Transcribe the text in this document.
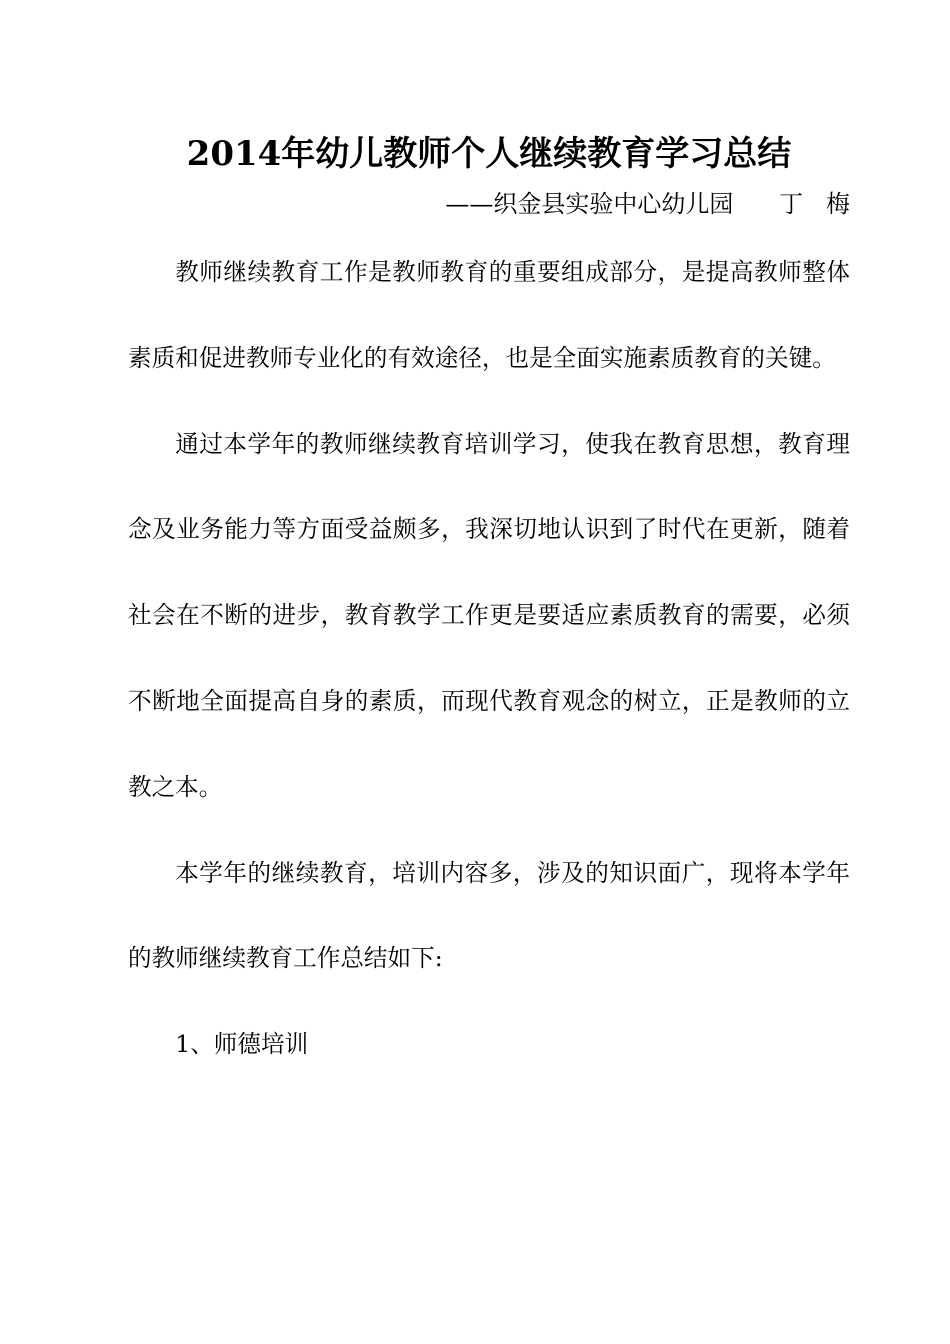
2014年幼儿教师个人继续教育学习总结
——织金县实验中心幼儿园      丁   梅

教师继续教育工作是教师教育的重要组成部分，是提高教师整体素质和促进教师专业化的有效途径，也是全面实施素质教育的关键。

通过本学年的教师继续教育培训学习，使我在教育思想，教育理念及业务能力等方面受益颇多，我深切地认识到了时代在更新，随着社会在不断的进步，教育教学工作更是要适应素质教育的需要，必须不断地全面提高自身的素质，而现代教育观念的树立，正是教师的立教之本。

本学年的继续教育，培训内容多，涉及的知识面广，现将本学年的教师继续教育工作总结如下:

1、师德培训
